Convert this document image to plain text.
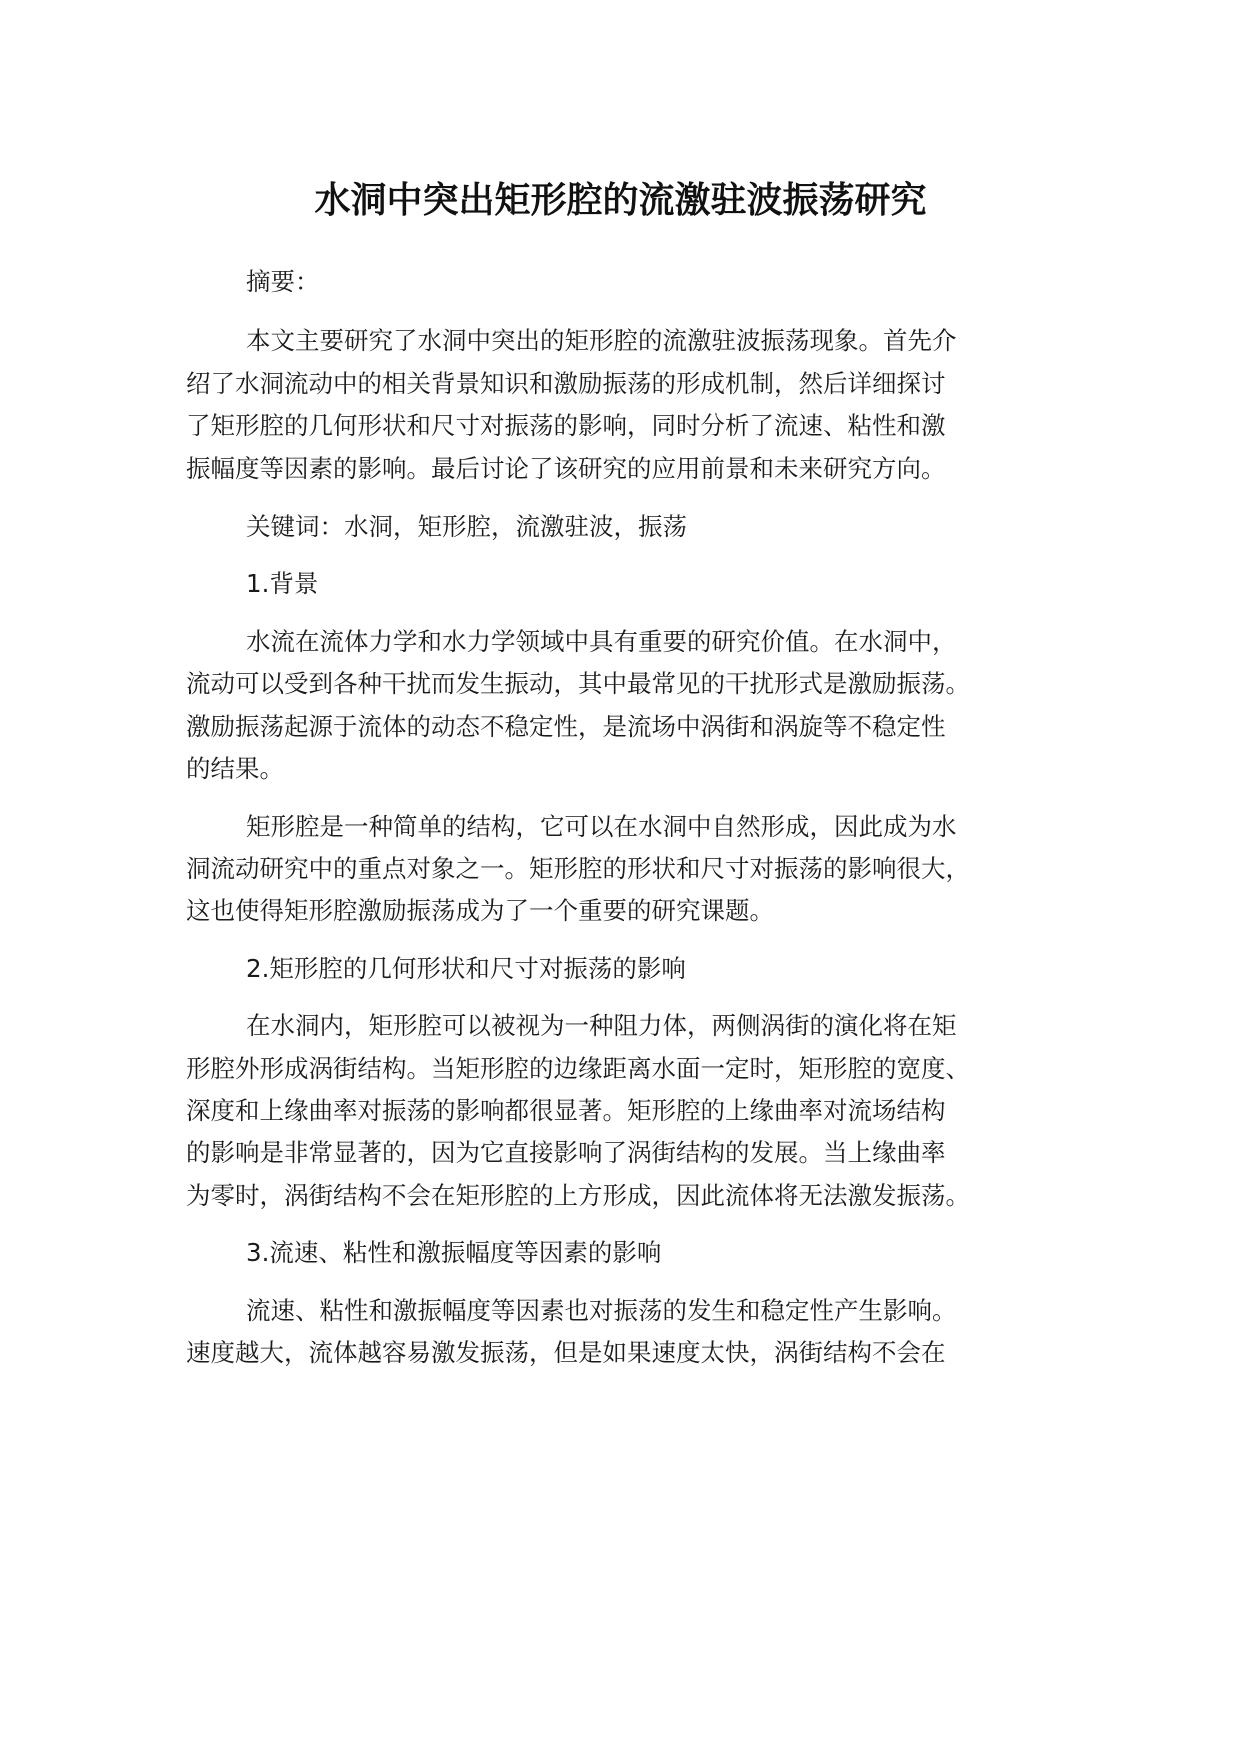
水洞中突出矩形腔的流激驻波振荡研究
摘要：
本文主要研究了水洞中突出的矩形腔的流激驻波振荡现象。首先介
绍了水洞流动中的相关背景知识和激励振荡的形成机制，然后详细探讨
了矩形腔的几何形状和尺寸对振荡的影响，同时分析了流速、粘性和激
振幅度等因素的影响。最后讨论了该研究的应用前景和未来研究方向。
关键词：水洞，矩形腔，流激驻波，振荡
1.背景
水流在流体力学和水力学领域中具有重要的研究价值。在水洞中，
流动可以受到各种干扰而发生振动，其中最常见的干扰形式是激励振荡。
激励振荡起源于流体的动态不稳定性，是流场中涡街和涡旋等不稳定性
的结果。
矩形腔是一种简单的结构，它可以在水洞中自然形成，因此成为水
洞流动研究中的重点对象之一。矩形腔的形状和尺寸对振荡的影响很大，
这也使得矩形腔激励振荡成为了一个重要的研究课题。
2.矩形腔的几何形状和尺寸对振荡的影响
在水洞内，矩形腔可以被视为一种阻力体，两侧涡街的演化将在矩
形腔外形成涡街结构。当矩形腔的边缘距离水面一定时，矩形腔的宽度、
深度和上缘曲率对振荡的影响都很显著。矩形腔的上缘曲率对流场结构
的影响是非常显著的，因为它直接影响了涡街结构的发展。当上缘曲率
为零时，涡街结构不会在矩形腔的上方形成，因此流体将无法激发振荡。
3.流速、粘性和激振幅度等因素的影响
流速、粘性和激振幅度等因素也对振荡的发生和稳定性产生影响。
速度越大，流体越容易激发振荡，但是如果速度太快，涡街结构不会在
